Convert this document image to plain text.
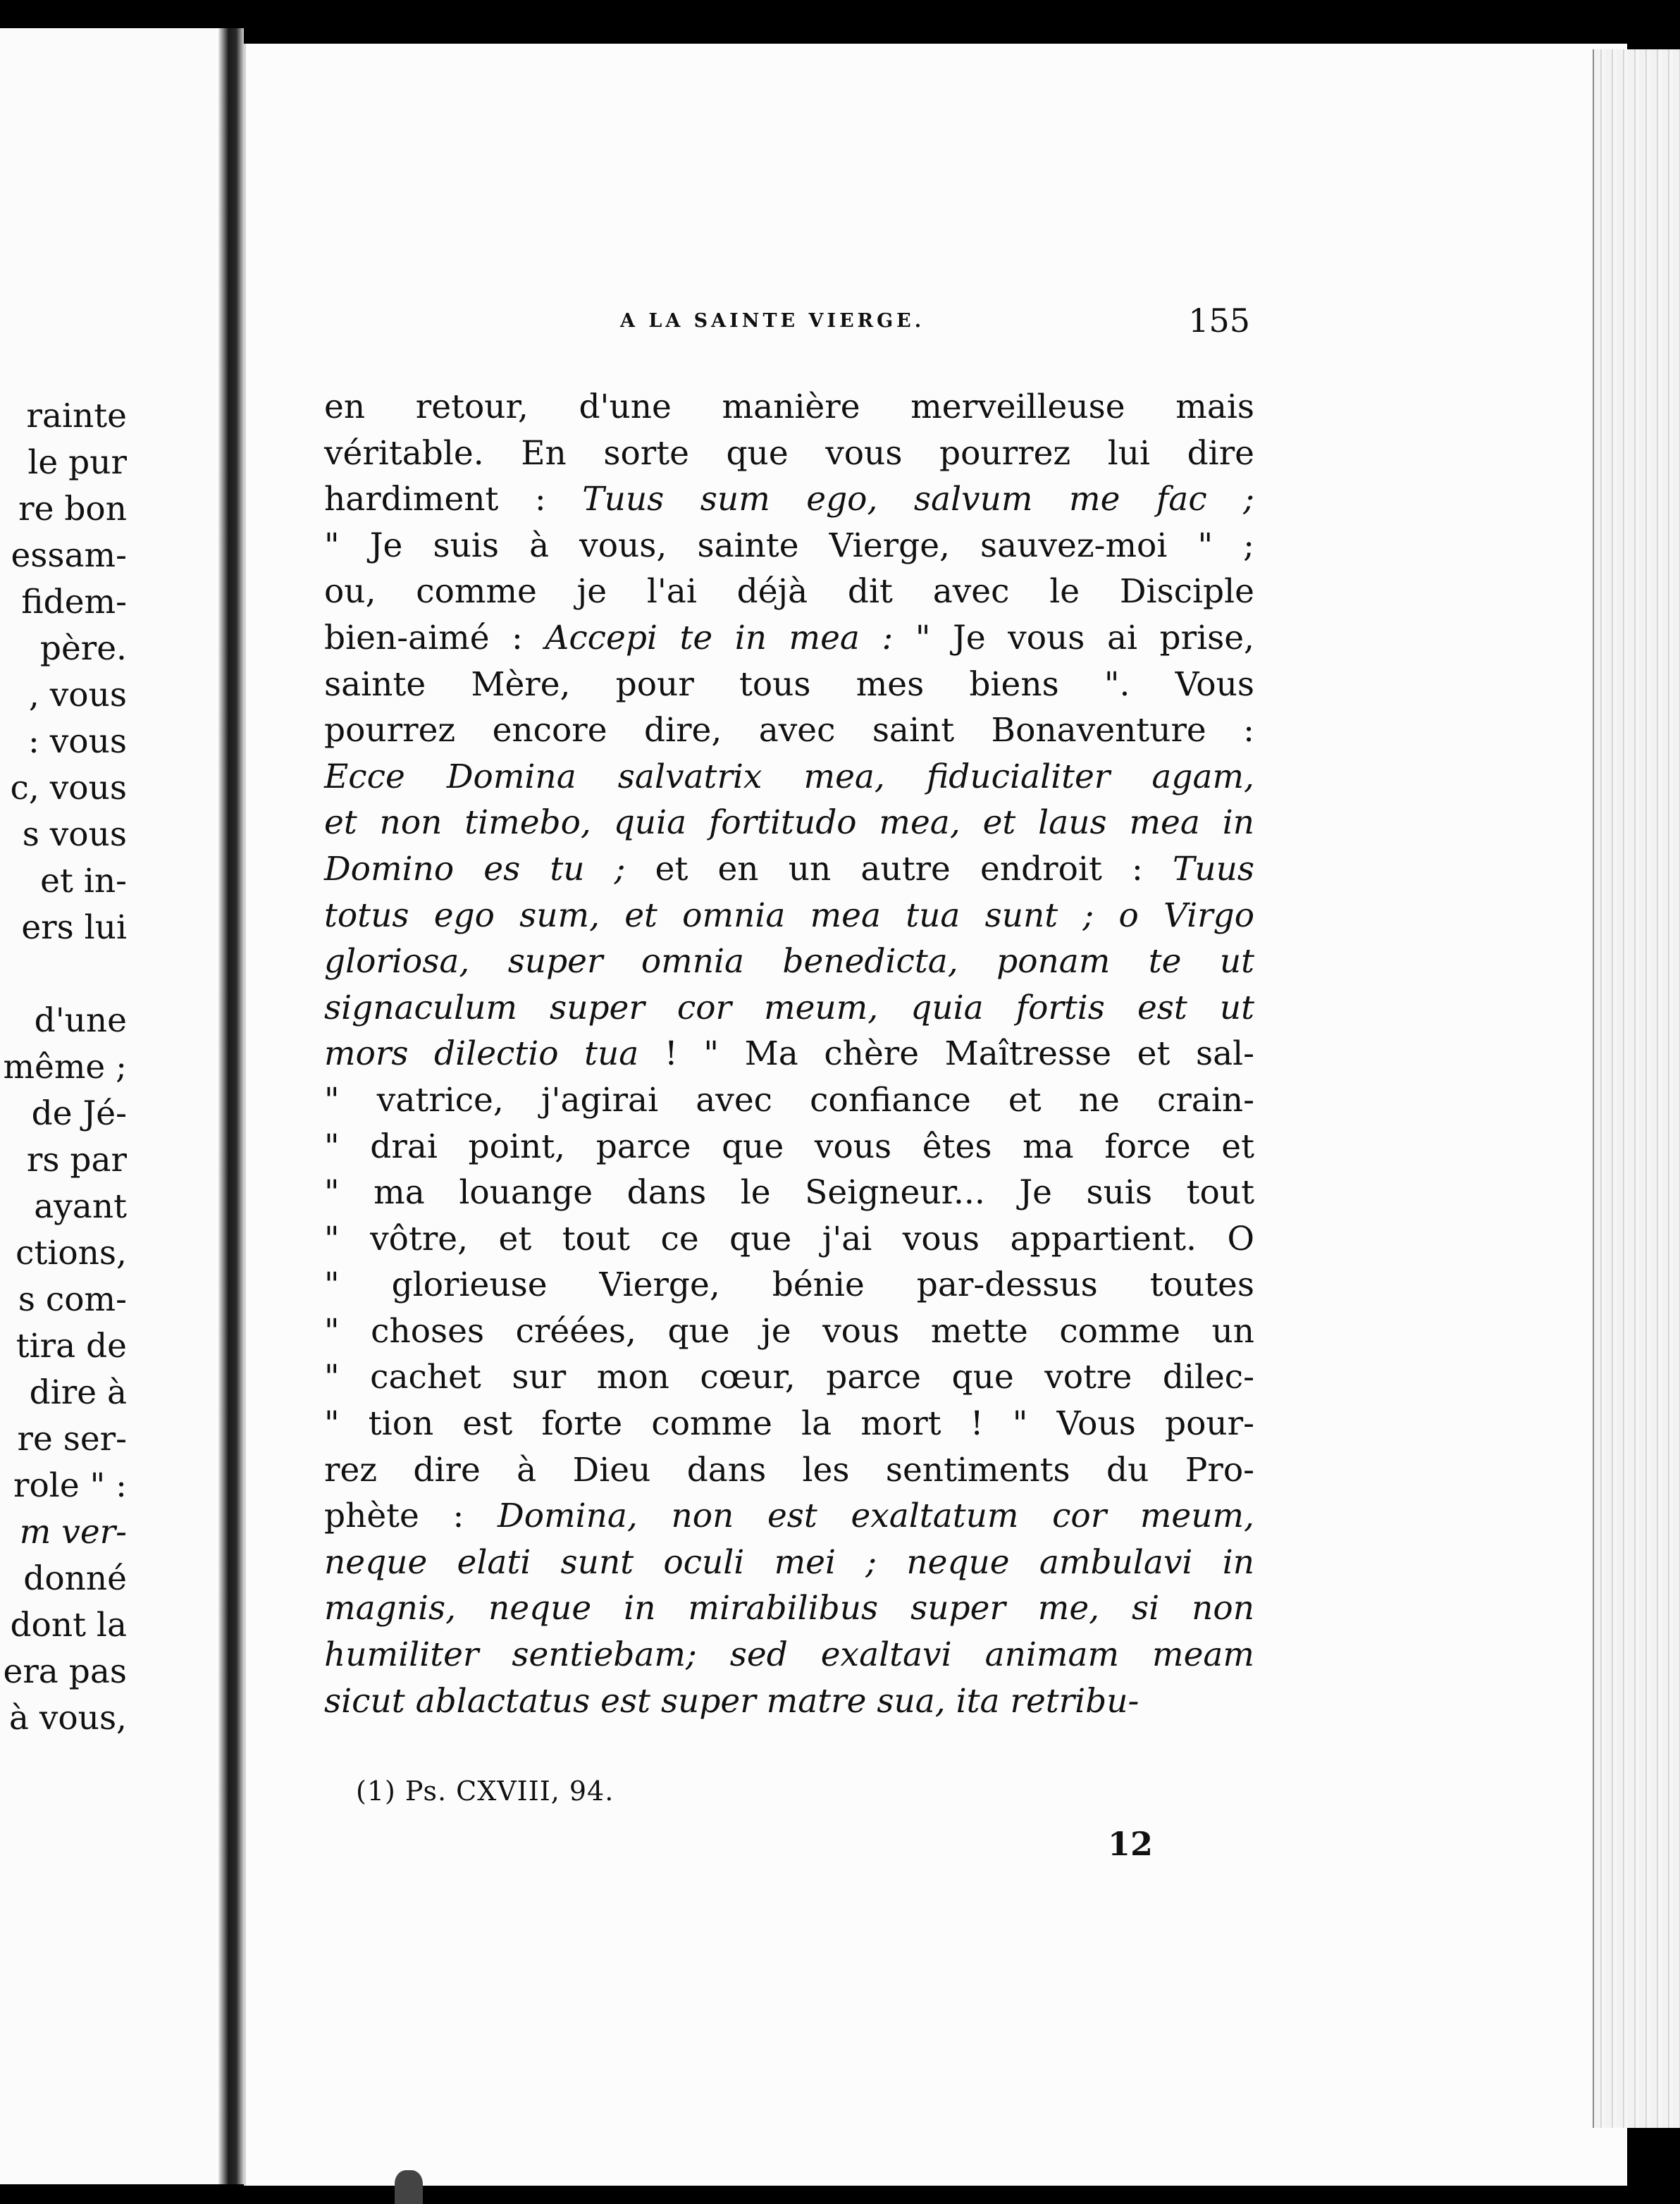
rainte
le pur
re bon
essam-
fidem-
père.
, vous
: vous
c, vous
s vous
et in-
ers lui
d'une
même ;
de Jé-
rs par
ayant
ctions,
s com-
tira de
dire à
re ser-
role " :
m ver-
donné
dont la
era pas
à vous,
A LA SAINTE VIERGE.	155
en retour, d'une manière merveilleuse mais
véritable. En sorte que vous pourrez lui dire
hardiment : Tuus sum ego, salvum me fac ;
" Je suis à vous, sainte Vierge, sauvez-moi " ;
ou, comme je l'ai déjà dit avec le Disciple
bien-aimé : Accepi te in mea : " Je vous ai prise,
sainte Mère, pour tous mes biens ". Vous
pourrez encore dire, avec saint Bonaventure :
Ecce Domina salvatrix mea, fiducialiter agam,
et non timebo, quia fortitudo mea, et laus mea in
Domino es tu ; et en un autre endroit : Tuus
totus ego sum, et omnia mea tua sunt ; o Virgo
gloriosa, super omnia benedicta, ponam te ut
signaculum super cor meum, quia fortis est ut
mors dilectio tua ! " Ma chère Maîtresse et sal-
" vatrice, j'agirai avec confiance et ne crain-
" drai point, parce que vous êtes ma force et
" ma louange dans le Seigneur... Je suis tout
" vôtre, et tout ce que j'ai vous appartient. O
" glorieuse Vierge, bénie par-dessus toutes
" choses créées, que je vous mette comme un
" cachet sur mon cœur, parce que votre dilec-
" tion est forte comme la mort ! " Vous pour-
rez dire à Dieu dans les sentiments du Pro-
phète : Domina, non est exaltatum cor meum,
neque elati sunt oculi mei ; neque ambulavi in
magnis, neque in mirabilibus super me, si non
humiliter sentiebam; sed exaltavi animam meam
sicut ablactatus est super matre sua, ita retribu-
(1) Ps. CXVIII, 94.
12
